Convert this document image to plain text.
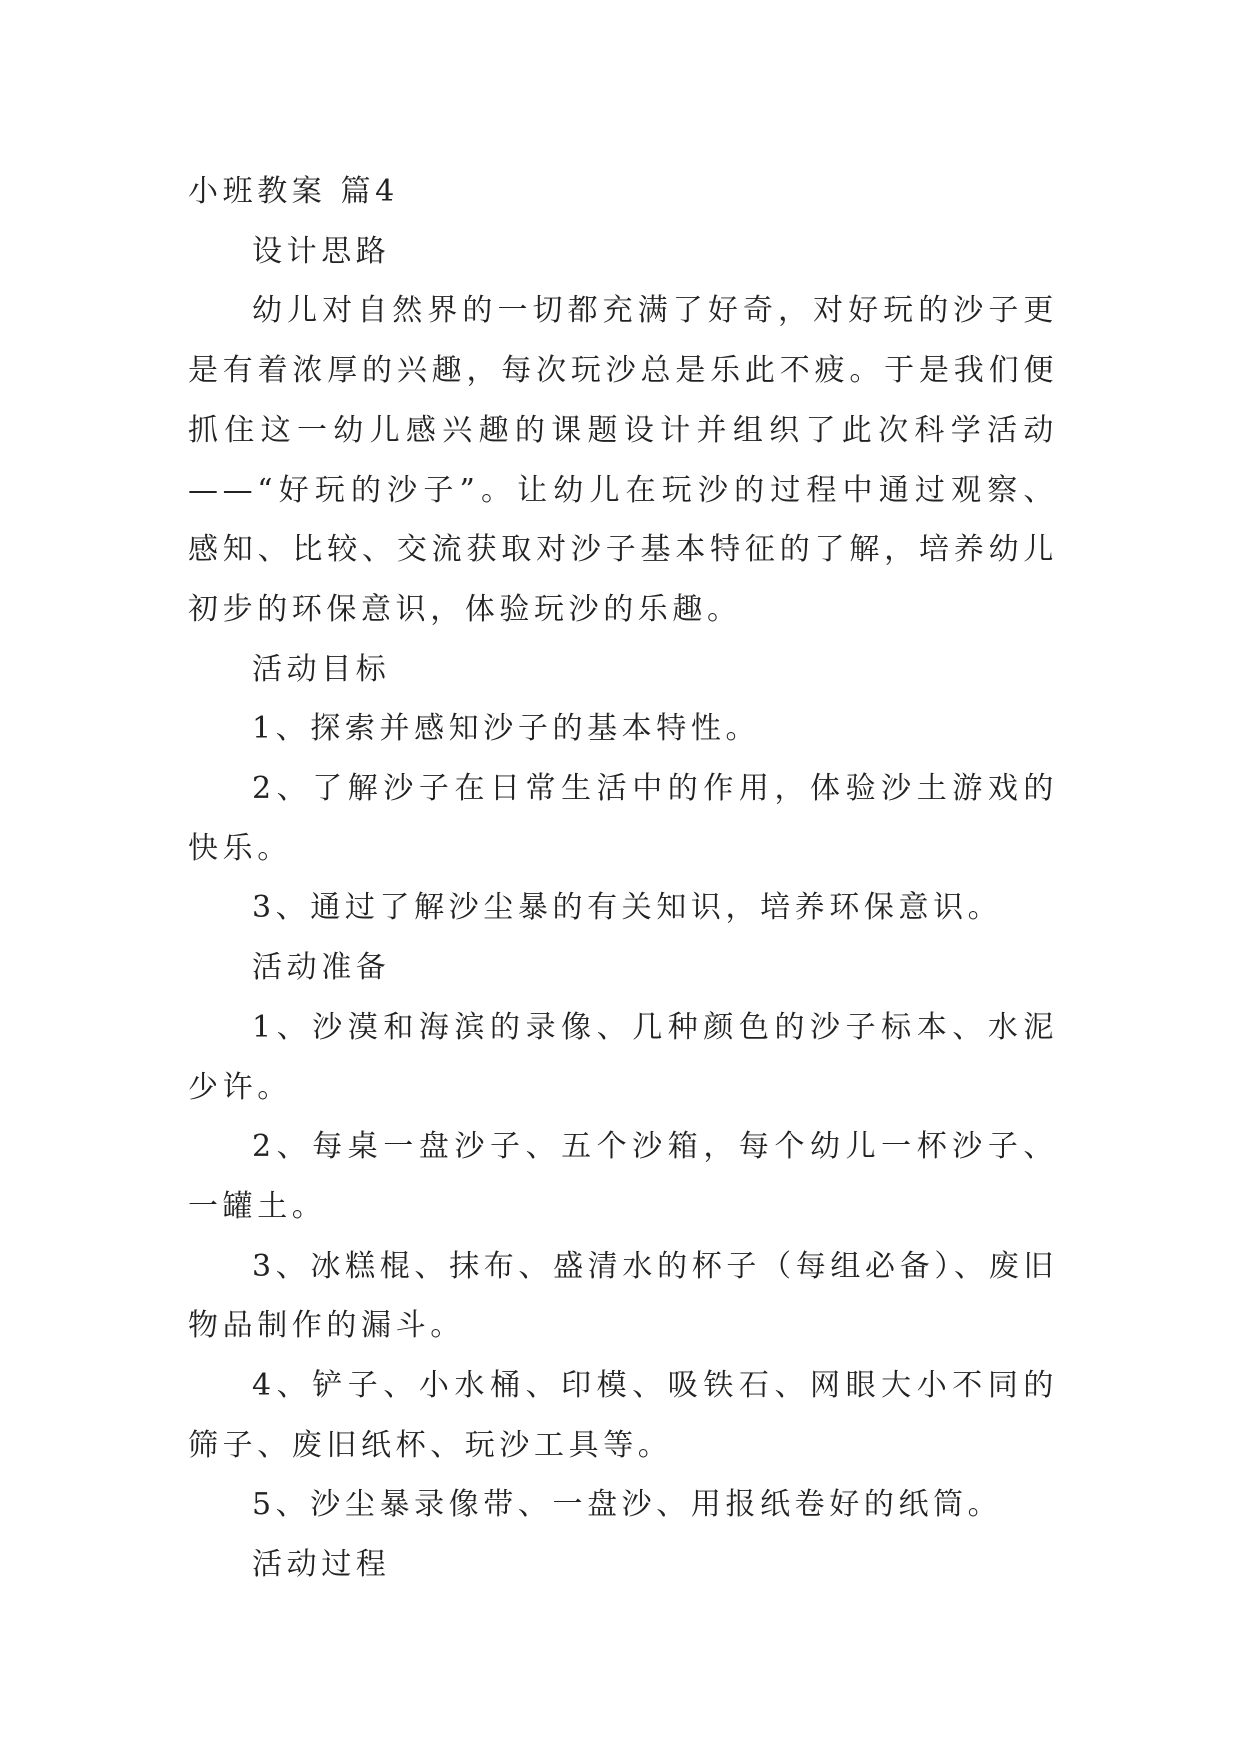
小班教案 篇4

设计思路

幼儿对自然界的一切都充满了好奇，对好玩的沙子更是有着浓厚的兴趣，每次玩沙总是乐此不疲。于是我们便抓住这一幼儿感兴趣的课题设计并组织了此次科学活动——“好玩的沙子”。让幼儿在玩沙的过程中通过观察、感知、比较、交流获取对沙子基本特征的了解，培养幼儿初步的环保意识，体验玩沙的乐趣。

活动目标

1、探索并感知沙子的基本特性。

2、了解沙子在日常生活中的作用，体验沙土游戏的快乐。

3、通过了解沙尘暴的有关知识，培养环保意识。

活动准备

1、沙漠和海滨的录像、几种颜色的沙子标本、水泥少许。

2、每桌一盘沙子、五个沙箱，每个幼儿一杯沙子、一罐土。

3、冰糕棍、抹布、盛清水的杯子（每组必备）、废旧物品制作的漏斗。

4、铲子、小水桶、印模、吸铁石、网眼大小不同的筛子、废旧纸杯、玩沙工具等。

5、沙尘暴录像带、一盘沙、用报纸卷好的纸筒。

活动过程
